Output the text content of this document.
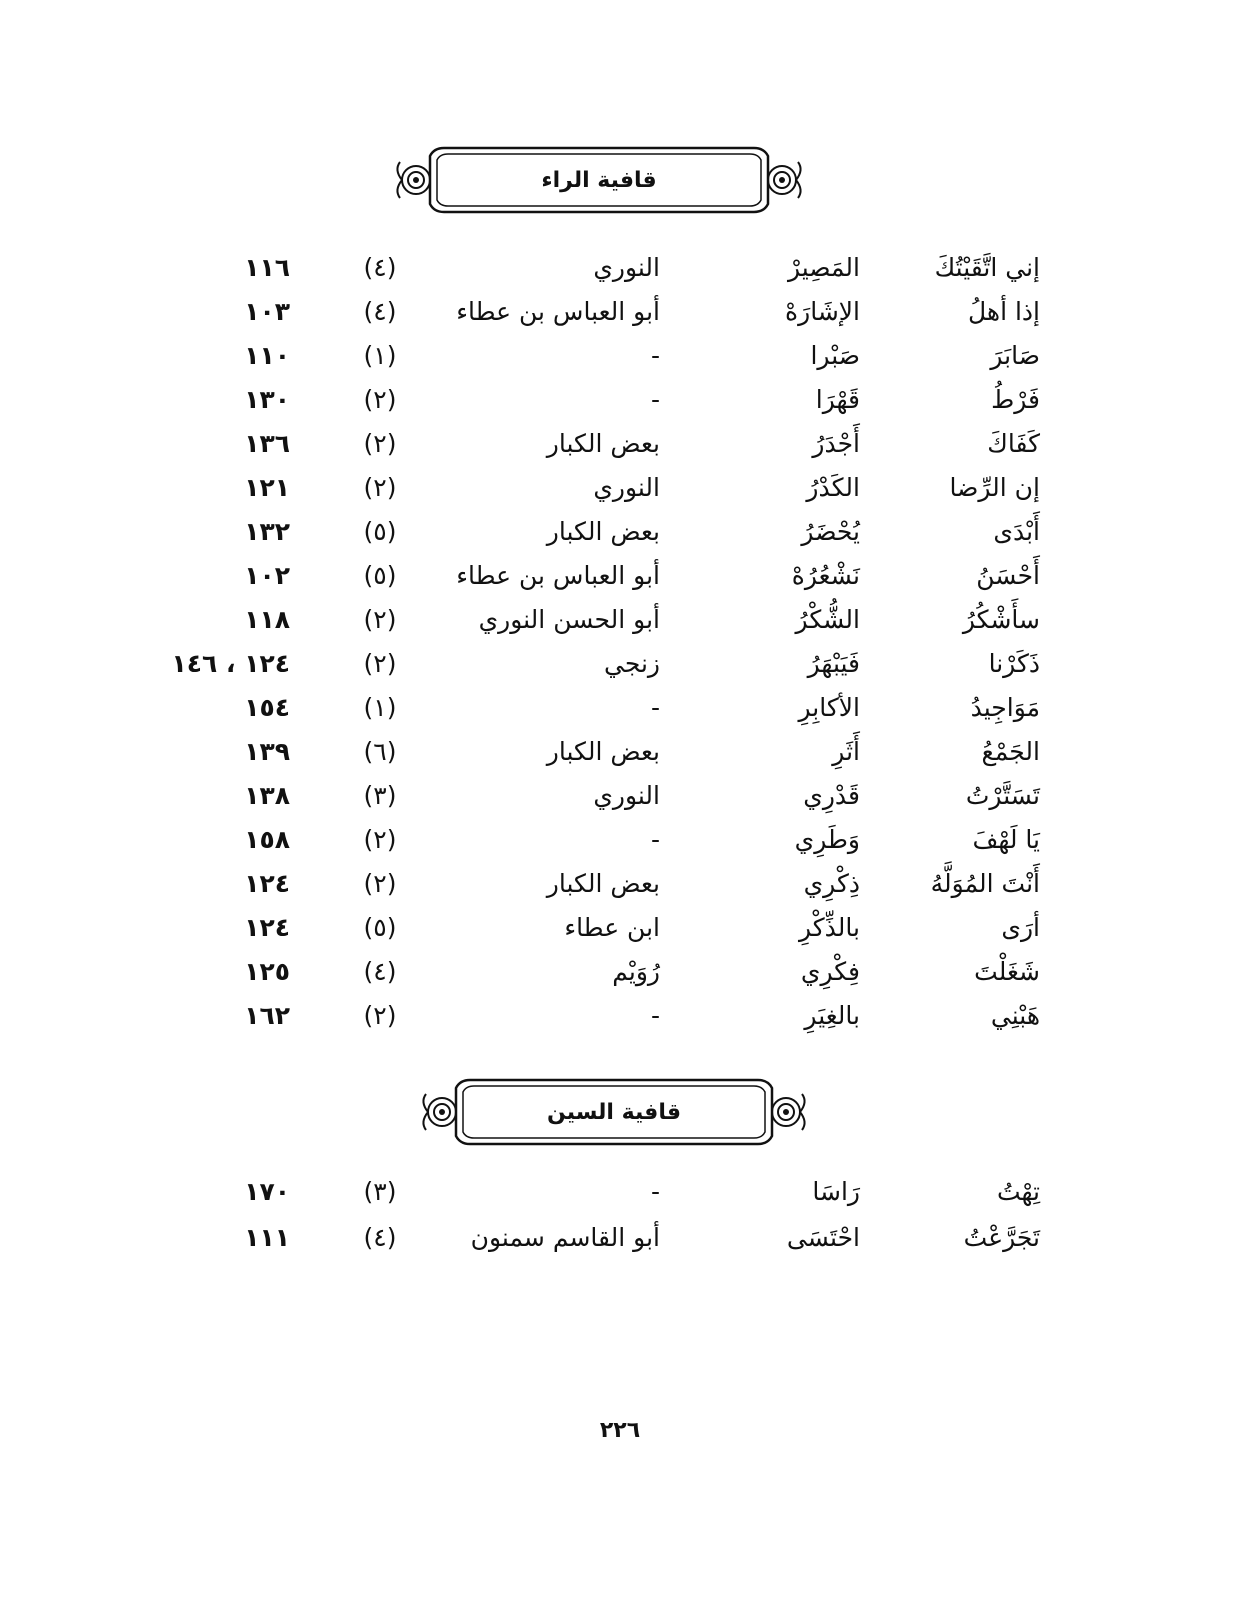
قافية الراء
إني اتَّقَيْتُكَ
المَصِيرْ
النوري
(٤)
١١٦
إذا أهلُ
الإشَارَهْ
أبو العباس بن عطاء
(٤)
١٠٣
صَابَرَ
صَبْرا
-
(١)
١١٠
فَرْطُ
قَهْرَا
-
(٢)
١٣٠
كَفَاكَ
أَجْدَرُ
بعض الكبار
(٢)
١٣٦
إن الرِّضا
الكَدْرُ
النوري
(٢)
١٢١
أَبْدَى
يُحْضَرُ
بعض الكبار
(٥)
١٣٢
أَحْسَنُ
نَشْعُرُهْ
أبو العباس بن عطاء
(٥)
١٠٢
سأَشْكُرُ
الشُّكْرُ
أبو الحسن النوري
(٢)
١١٨
ذَكَرْنا
فَيَبْهَرُ
زنجي
(٢)
١٢٤ ، ١٤٦
مَوَاجِيدُ
الأكابِرِ
-
(١)
١٥٤
الجَمْعُ
أَثَرِ
بعض الكبار
(٦)
١٣٩
تَسَتَّرْتُ
قَدْرِي
النوري
(٣)
١٣٨
يَا لَهْفَ
وَطَرِي
-
(٢)
١٥٨
أَنْتَ المُوَلَّهُ
ذِكْرِي
بعض الكبار
(٢)
١٢٤
أرَى
بالذِّكْرِ
ابن عطاء
(٥)
١٢٤
شَغَلْتَ
فِكْرِي
رُوَيْم
(٤)
١٢٥
هَبْنِي
بالغِيَرِ
-
(٢)
١٦٢
قافية السين
تِهْتُ
رَاسَا
-
(٣)
١٧٠
تَجَرَّعْتُ
احْتَسَى
أبو القاسم سمنون
(٤)
١١١
٢٢٦
